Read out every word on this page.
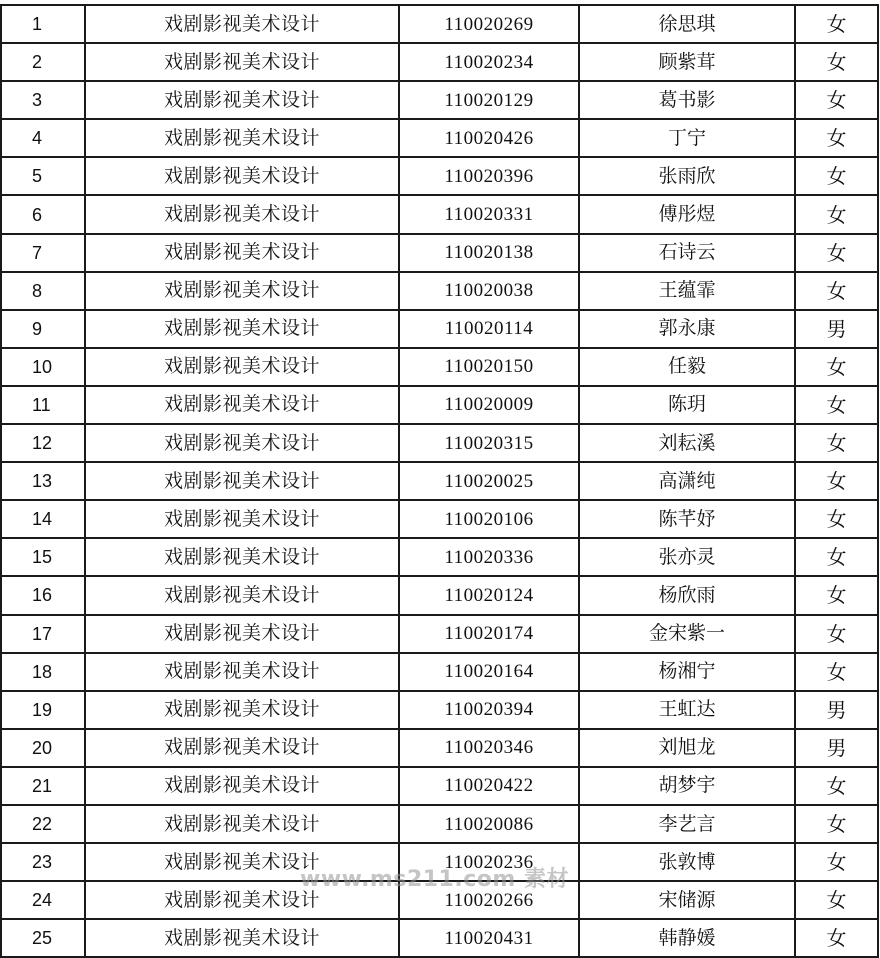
1	戏剧影视美术设计	110020269	徐思琪	女
2	戏剧影视美术设计	110020234	顾紫茸	女
3	戏剧影视美术设计	110020129	葛书影	女
4	戏剧影视美术设计	110020426	丁宁	女
5	戏剧影视美术设计	110020396	张雨欣	女
6	戏剧影视美术设计	110020331	傅彤煜	女
7	戏剧影视美术设计	110020138	石诗云	女
8	戏剧影视美术设计	110020038	王蕴霏	女
9	戏剧影视美术设计	110020114	郭永康	男
10	戏剧影视美术设计	110020150	任毅	女
11	戏剧影视美术设计	110020009	陈玥	女
12	戏剧影视美术设计	110020315	刘耘溪	女
13	戏剧影视美术设计	110020025	高潇纯	女
14	戏剧影视美术设计	110020106	陈芊妤	女
15	戏剧影视美术设计	110020336	张亦灵	女
16	戏剧影视美术设计	110020124	杨欣雨	女
17	戏剧影视美术设计	110020174	金宋紫一	女
18	戏剧影视美术设计	110020164	杨湘宁	女
19	戏剧影视美术设计	110020394	王虹达	男
20	戏剧影视美术设计	110020346	刘旭龙	男
21	戏剧影视美术设计	110020422	胡梦宇	女
22	戏剧影视美术设计	110020086	李艺言	女
23	戏剧影视美术设计	110020236	张敦博	女
24	戏剧影视美术设计	110020266	宋储源	女
25	戏剧影视美术设计	110020431	韩静媛	女
www.ms211.com 素材
